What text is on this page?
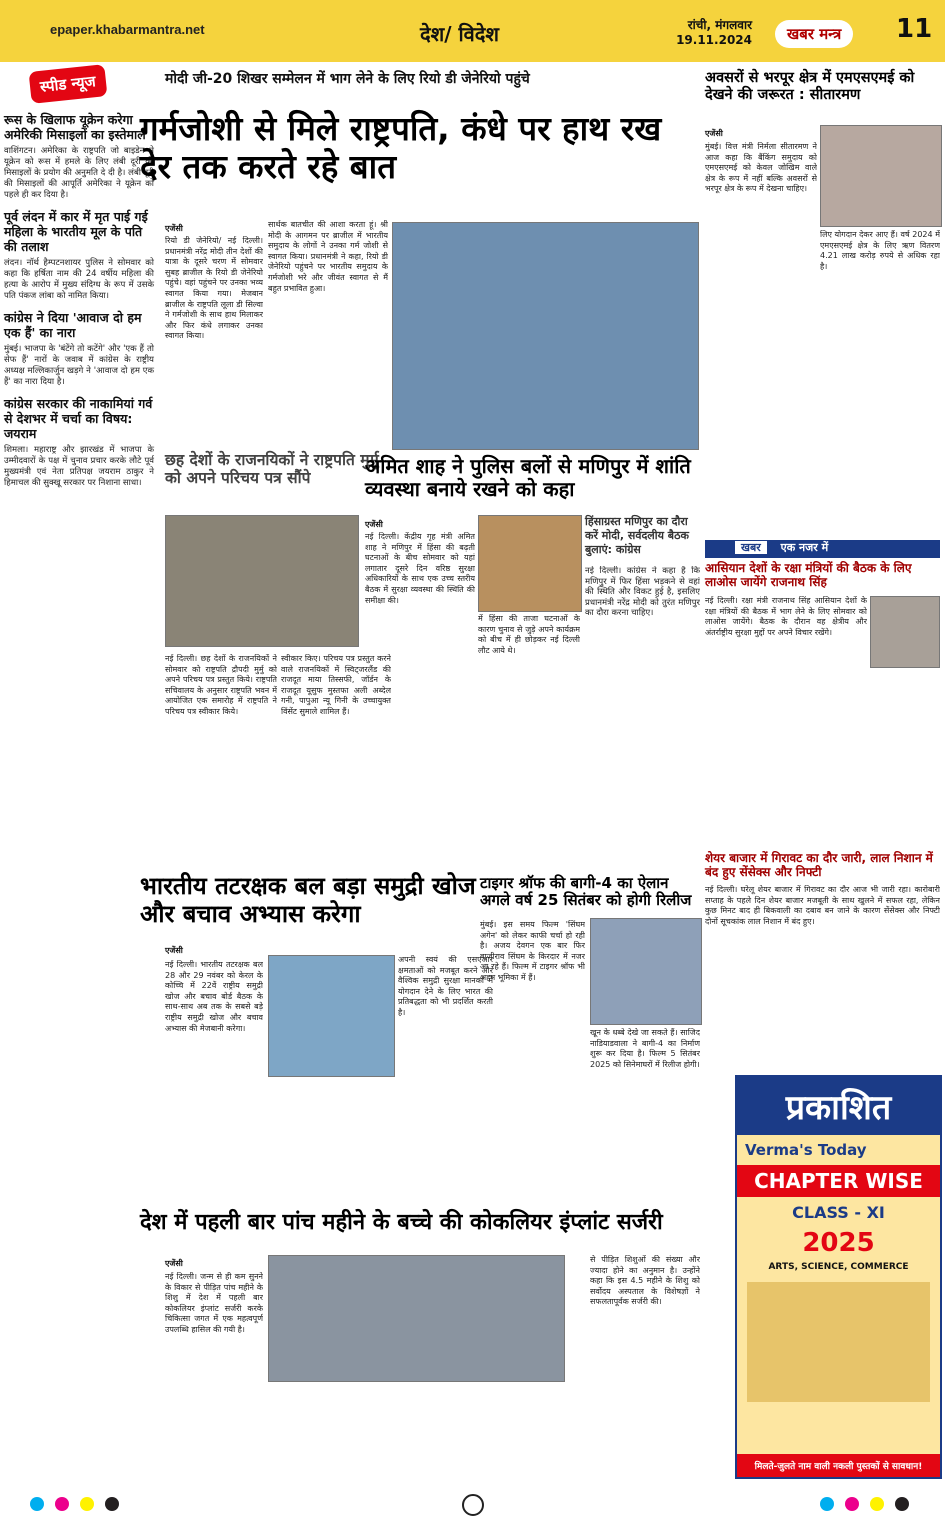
epaper.khabarmantra.net	देश/ विदेश	रांची, मंगलवार
19.11.2024	खबर मन्त्र	11
स्पीड न्यूज

रूस के खिलाफ यूक्रेन करेगा अमेरिकी मिसाइलों का इस्तेमाल

वाशिंगटन। अमेरिका के राष्ट्रपति जो बाइडेन ने यूक्रेन को रूस में हमले के लिए लंबी दूरी की मिसाइलों के प्रयोग की अनुमति दे दी है। लंबी दूरी की मिसाइलों की आपूर्ति अमेरिका ने यूक्रेन को पहले ही कर दिया है।

पूर्व लंदन में कार में मृत पाई गई महिला के भारतीय मूल के पति की तलाश

लंदन। नॉर्थ हैम्पटनशायर पुलिस ने सोमवार को कहा कि हर्षिता नाम की 24 वर्षीय महिला की हत्या के आरोप में मुख्य संदिग्ध के रूप में उसके पति पंकज लांबा को नामित किया।

कांग्रेस ने दिया 'आवाज दो हम एक हैं' का नारा

मुंबई। भाजपा के 'बंटेंगे तो कटेंगे' और 'एक हैं तो सेफ हैं' नारों के जवाब में कांग्रेस के राष्ट्रीय अध्यक्ष मल्लिकार्जुन खड़गे ने 'आवाज दो हम एक हैं' का नारा दिया है।

कांग्रेस सरकार की नाकामियां गर्व से देशभर में चर्चा का विषय: जयराम

शिमला। महाराष्ट्र और झारखंड में भाजपा के उम्मीदवारों के पक्ष में चुनाव प्रचार करके लौटे पूर्व मुख्यमंत्री एवं नेता प्रतिपक्ष जयराम ठाकुर ने हिमाचल की सुक्खू सरकार पर निशाना साधा।

मोदी जी-20 शिखर सम्मेलन में भाग लेने के लिए रियो डी जेनेरियो पहुंचे
गर्मजोशी से मिले राष्ट्रपति, कंधे पर हाथ रख देर तक करते रहे बात
एजेंसी
रियो डी जेनेरियो/ नई दिल्ली। प्रधानमंत्री नरेंद्र मोदी तीन देशों की यात्रा के दूसरे चरण में सोमवार सुबह ब्राजील के रियो डी जेनेरियो पहुंचे। वहां पहुंचने पर उनका भव्य स्वागत किया गया। मेजबान ब्राजील के राष्ट्रपति लूला डी सिल्वा ने गर्मजोशी के साथ हाथ मिलाकर और फिर कंधे लगाकर उनका स्वागत किया।
सार्थक बातचीत की आशा करता हूं। श्री मोदी के आगमन पर ब्राजील में भारतीय समुदाय के लोगों ने उनका गर्म जोशी से स्वागत किया। प्रधानमंत्री ने कहा, रियो डी जेनेरियो पहुंचने पर भारतीय समुदाय के गर्मजोशी भरे और जीवंत स्वागत से मैं बहुत प्रभावित हुआ।
छह देशों के राजनयिकों ने राष्ट्रपति मुर्मु को अपने परिचय पत्र सौंपे
नई दिल्ली। छह देशों के राजनयिकों ने सोमवार को राष्ट्रपति द्रौपदी मुर्मु को अपने परिचय पत्र प्रस्तुत किये। राष्ट्रपति सचिवालय के अनुसार राष्ट्रपति भवन में आयोजित एक समारोह में राष्ट्रपति ने परिचय पत्र स्वीकार किये।
स्वीकार किए। परिचय पत्र प्रस्तुत करने वाले राजनयिकों में स्विट्जरलैंड की राजदूत माया तिस्सफी, जॉर्डन के राजदूत यूसुफ मुस्तफा अली अब्देल गनी, पापुआ न्यू गिनी के उच्चायुक्त विंसेंट सुमाले शामिल हैं।
अमित शाह ने पुलिस बलों से मणिपुर में शांति व्यवस्था बनाये रखने को कहा
एजेंसी
नई दिल्ली। केंद्रीय गृह मंत्री अमित शाह ने मणिपुर में हिंसा की बढ़ती घटनाओं के बीच सोमवार को यहां लगातार दूसरे दिन वरिष्ठ सुरक्षा अधिकारियों के साथ एक उच्च स्तरीय बैठक में सुरक्षा व्यवस्था की स्थिति की समीक्षा की।
में हिंसा की ताजा घटनाओं के कारण चुनाव से जुड़े अपने कार्यक्रम को बीच में ही छोड़कर नई दिल्ली लौट आये थे।
हिंसाग्रस्त मणिपुर का दौरा करें मोदी, सर्वदलीय बैठक बुलाएं: कांग्रेस
नई दिल्ली। कांग्रेस ने कहा है कि मणिपुर में फिर हिंसा भड़कने से वहां की स्थिति और विकट हुई है, इसलिए प्रधानमंत्री नरेंद्र मोदी को तुरंत मणिपुर का दौरा करना चाहिए।
भारतीय तटरक्षक बल बड़ा समुद्री खोज और बचाव अभ्यास करेगा
एजेंसी
नई दिल्ली। भारतीय तटरक्षक बल 28 और 29 नवंबर को केरल के कोच्चि में 22वें राष्ट्रीय समुद्री खोज और बचाव बोर्ड बैठक के साथ-साथ अब तक के सबसे बड़े राष्ट्रीय समुद्री खोज और बचाव अभ्यास की मेजबानी करेगा।
अपनी स्वयं की एसएआर क्षमताओं को मजबूत करने और वैश्विक समुद्री सुरक्षा मानकों में योगदान देने के लिए भारत की प्रतिबद्धता को भी प्रदर्शित करती है।
टाइगर श्रॉफ की बागी-4 का ऐलान अगले वर्ष 25 सितंबर को होगी रिलीज
मुंबई। इस समय फिल्म 'सिंघम अगेन' को लेकर काफी चर्चा हो रही है। अजय देवगन एक बार फिर बाजीराव सिंघम के किरदार में नजर आ रहे हैं। फिल्म में टाइगर श्रॉफ भी अहम भूमिका में हैं।
खून के धब्बे देखे जा सकते हैं। साजिद नाडियाडवाला ने बागी-4 का निर्माण शुरू कर दिया है। फिल्म 5 सितंबर 2025 को सिनेमाघरों में रिलीज होगी।
देश में पहली बार पांच महीने के बच्चे की कोकलियर इंप्लांट सर्जरी
एजेंसी
नई दिल्ली। जन्म से ही कम सुनने के विकार से पीड़ित पांच महीने के शिशु में देश में पहली बार कोकलियर इंप्लांट सर्जरी करके चिकित्सा जगत में एक महत्वपूर्ण उपलब्धि हासिल की गयी है।
से पीड़ित शिशुओं की संख्या और ज्यादा होने का अनुमान है। उन्होंने कहा कि इस 4.5 महीने के शिशु को सर्वोदय अस्पताल के विशेषज्ञों ने सफलतापूर्वक सर्जरी की।
अवसरों से भरपूर क्षेत्र में एमएसएमई को देखने की जरूरत : सीतारमण
एजेंसी
मुंबई। वित्त मंत्री निर्मला सीतारमण ने आज कहा कि बैंकिंग समुदाय को एमएसएमई को केवल जोखिम वाले क्षेत्र के रूप में नहीं बल्कि अवसरों से भरपूर क्षेत्र के रूप में देखना चाहिए।
लिए योगदान देकर आए हैं। वर्ष 2024 में एमएसएमई क्षेत्र के लिए ऋण वितरण 4.21 लाख करोड़ रुपये से अधिक रहा है।
खबर एक नजर में
आसियान देशों के रक्षा मंत्रियों की बैठक के लिए लाओस जायेंगे राजनाथ सिंह
नई दिल्ली। रक्षा मंत्री राजनाथ सिंह आसियान देशों के रक्षा मंत्रियों की बैठक में भाग लेने के लिए सोमवार को लाओस जायेंगे। बैठक के दौरान वह क्षेत्रीय और अंतर्राष्ट्रीय सुरक्षा मुद्दों पर अपने विचार रखेंगे।
शेयर बाजार में गिरावट का दौर जारी, लाल निशान में बंद हुए सेंसेक्स और निफ्टी
नई दिल्ली। घरेलू शेयर बाजार में गिरावट का दौर आज भी जारी रहा। कारोबारी सप्ताह के पहले दिन शेयर बाजार मजबूती के साथ खुलने में सफल रहा, लेकिन कुछ मिनट बाद ही बिकवाली का दबाव बन जाने के कारण सेंसेक्स और निफ्टी दोनों सूचकांक लाल निशान में बंद हुए।
प्रकाशित
Verma's Today
CHAPTER WISE
CLASS - XI
2025
ARTS, SCIENCE, COMMERCE
मिलते-जुलते नाम वाली नकली पुस्तकों से सावधान!
